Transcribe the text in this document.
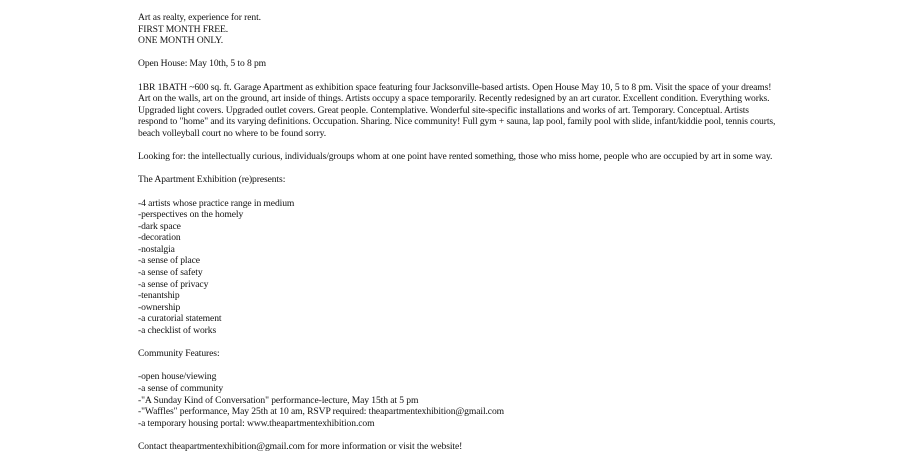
Art as realty, experience for rent.
FIRST MONTH FREE.
ONE MONTH ONLY.
Open House: May 10th, 5 to 8 pm

1BR 1BATH ~600 sq. ft. Garage Apartment as exhibition space featuring four Jacksonville-based artists. Open House May 10, 5 to 8 pm. Visit the space of your dreams! Art on the walls, art on the ground, art inside of things. Artists occupy a space temporarily. Recently redesigned by an art curator. Excellent condition. Everything works. Upgraded light covers. Upgraded outlet covers. Great people. Contemplative. Wonderful site-specific installations and works of art. Temporary. Conceptual. Artists respond to "home" and its varying definitions. Occupation. Sharing. Nice community! Full gym + sauna, lap pool, family pool with slide, infant/kiddie pool, tennis courts, beach volleyball court no where to be found sorry.

Looking for: the intellectually curious, individuals/groups whom at one point have rented something, those who miss home, people who are occupied by art in some way.

The Apartment Exhibition (re)presents:
-4 artists whose practice range in medium
-perspectives on the homely
-dark space
-decoration
-nostalgia
-a sense of place
-a sense of safety
-a sense of privacy
-tenantship
-ownership
-a curatorial statement
-a checklist of works
Community Features:
-open house/viewing
-a sense of community
-"A Sunday Kind of Conversation" performance-lecture, May 15th at 5 pm
-"Waffles" performance, May 25th at 10 am, RSVP required: theapartmentexhibition@gmail.com
-a temporary housing portal: www.theapartmentexhibition.com
Contact theapartmentexhibition@gmail.com for more information or visit the website!
